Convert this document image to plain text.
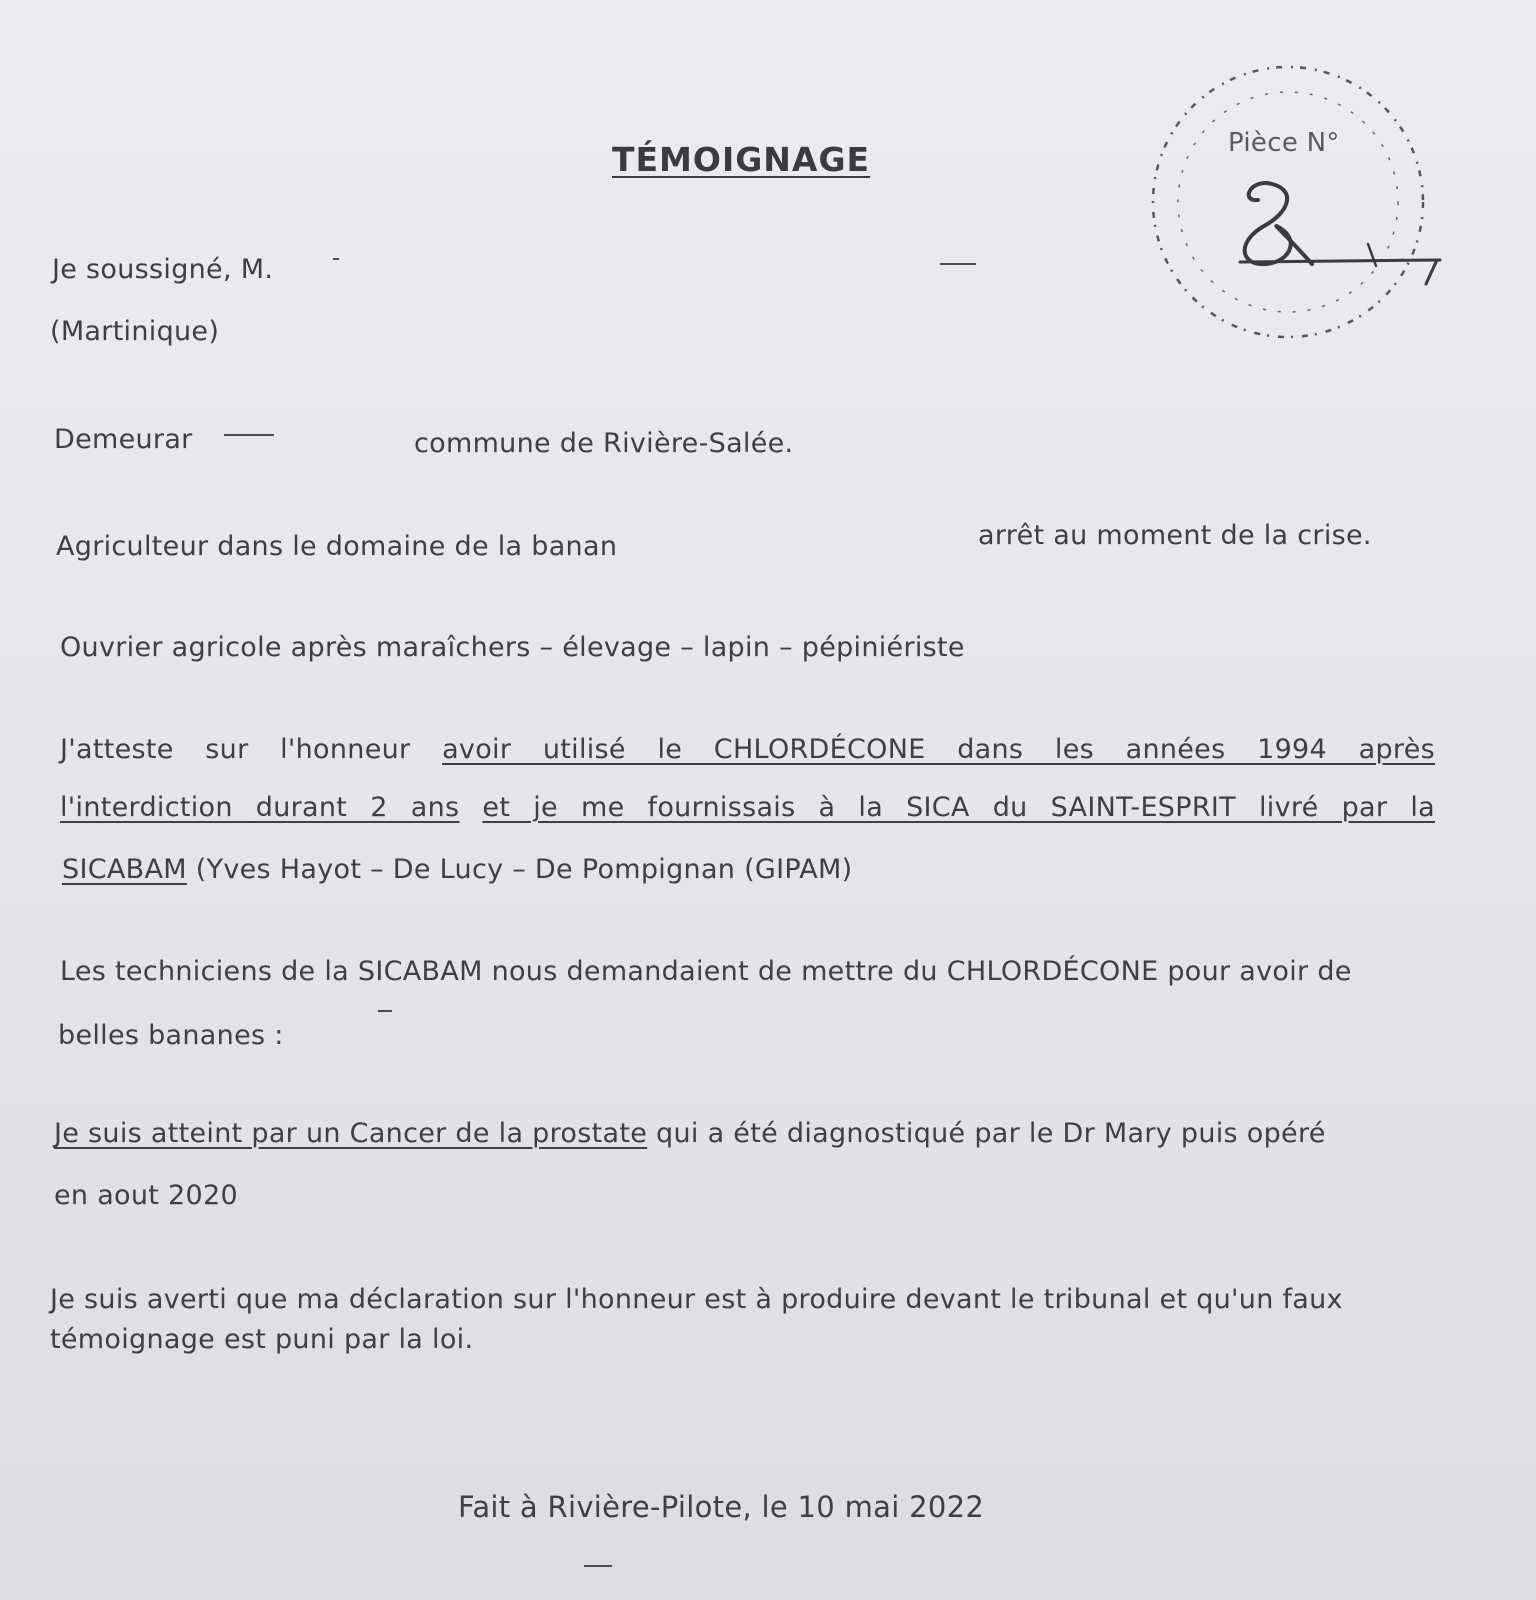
TÉMOIGNAGE	Pièce N°
Je soussigné, M.
(Martinique)
Demeurar	commune de Rivière-Salée.
Agriculteur dans le domaine de la banan	arrêt au moment de la crise.
Ouvrier agricole après maraîchers – élevage – lapin – pépiniériste
J'atteste sur l'honneur avoir utilisé le CHLORDÉCONE dans les années 1994 après
l'interdiction durant 2 ans et je me fournissais à la SICA du SAINT-ESPRIT livré par la
SICABAM (Yves Hayot – De Lucy – De Pompignan (GIPAM)
Les techniciens de la SICABAM nous demandaient de mettre du CHLORDÉCONE pour avoir de
belles bananes :
Je suis atteint par un Cancer de la prostate qui a été diagnostiqué par le Dr Mary puis opéré
en aout 2020
Je suis averti que ma déclaration sur l'honneur est à produire devant le tribunal et qu'un faux
témoignage est puni par la loi.
Fait à Rivière-Pilote, le 10 mai 2022
